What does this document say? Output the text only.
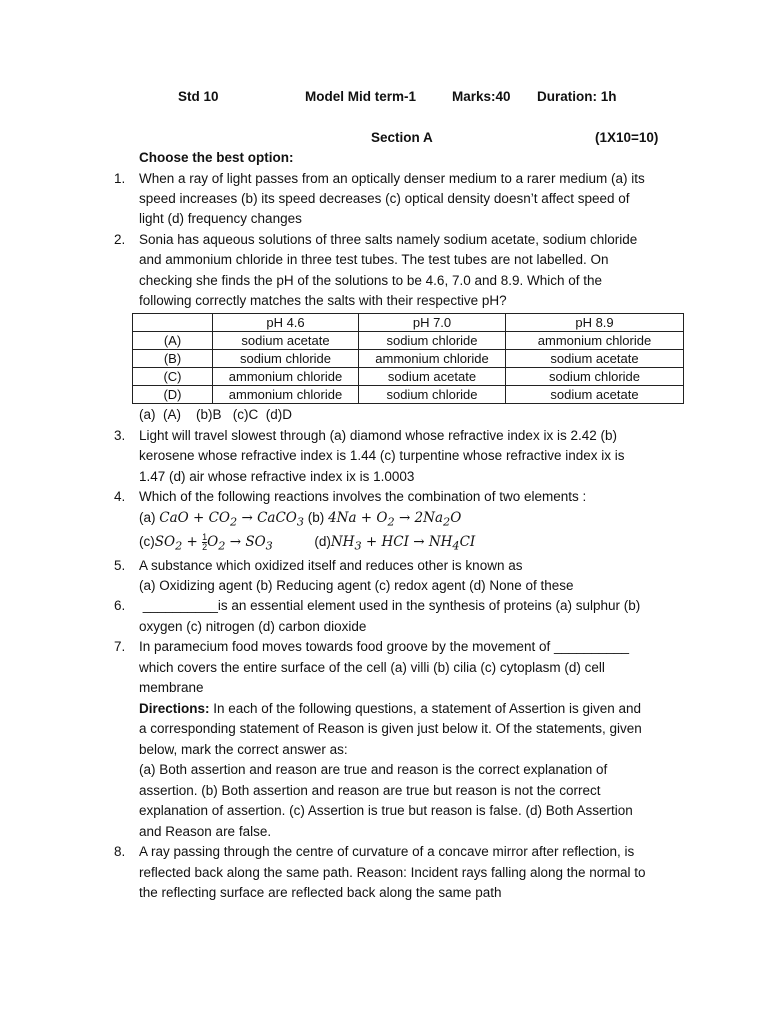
Std 10	Model Mid term-1	Marks:40 Duration: 1h
Section A	(1X10=10)
Choose the best option:
1. When a ray of light passes from an optically denser medium to a rarer medium (a) its
speed increases (b) its speed decreases (c) optical density doesn’t affect speed of
light (d) frequency changes
2. Sonia has aqueous solutions of three salts namely sodium acetate, sodium chloride
and ammonium chloride in three test tubes. The test tubes are not labelled. On
checking she finds the pH of the solutions to be 4.6, 7.0 and 8.9. Which of the
following correctly matches the salts with their respective pH?
	pH 4.6	pH 7.0	pH 8.9
(A)	sodium acetate	sodium chloride	ammonium chloride
(B)	sodium chloride	ammonium chloride	sodium acetate
(C)	ammonium chloride	sodium acetate	sodium chloride
(D)	ammonium chloride	sodium chloride	sodium acetate
(a)  (A)    (b)B   (c)C  (d)D
3. Light will travel slowest through (a) diamond whose refractive index ix is 2.42 (b)
kerosene whose refractive index is 1.44 (c) turpentine whose refractive index ix is
1.47 (d) air whose refractive index ix is 1.0003
4. Which of the following reactions involves the combination of two elements :
(a) CaO + $CO_2$ → CaCO$_3$ (b) $4Na + O_2 \to 2Na_2O$
$(c)SO_2 + \frac{1}{2} O_2 \to SO_3$	$(d)NH_3$ + HCI → $NH_4CI$
5. A substance which oxidized itself and reduces other is known as
(a) Oxidizing agent (b) Reducing agent (c) redox agent (d) None of these
6. __________is an essential element used in the synthesis of proteins (a) sulphur (b)
oxygen (c) nitrogen (d) carbon dioxide
7. In paramecium food moves towards food groove by the movement of __________
which covers the entire surface of the cell (a) villi (b) cilia (c) cytoplasm (d) cell
membrane
Directions: In each of the following questions, a statement of Assertion is given and
a corresponding statement of Reason is given just below it. Of the statements, given
below, mark the correct answer as:
(a) Both assertion and reason are true and reason is the correct explanation of
assertion. (b) Both assertion and reason are true but reason is not the correct
explanation of assertion. (c) Assertion is true but reason is false. (d) Both Assertion
and Reason are false.
8. A ray passing through the centre of curvature of a concave mirror after reflection, is
reflected back along the same path. Reason: Incident rays falling along the normal to
the reflecting surface are reflected back along the same path
